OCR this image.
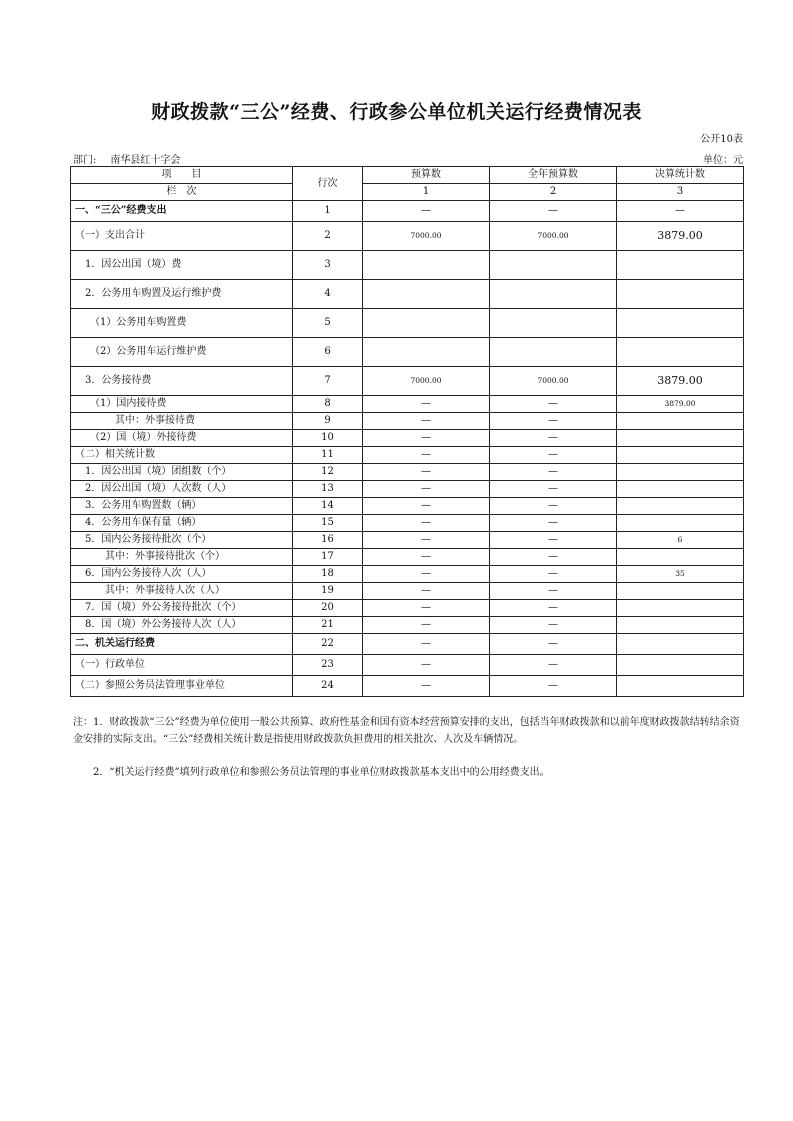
财政拨款“三公”经费、行政参公单位机关运行经费情况表
公开10表
部门: 南华县红十字会	单位：元
项　　目	行次	预算数	全年预算数	决算统计数
栏　次		1	2	3
一、“三公”经费支出	1	—	—	—
（一）支出合计	2	7000.00	7000.00	3879.00
　1．因公出国（境）费	3			
　2．公务用车购置及运行维护费	4			
　　（1）公务用车购置费	5			
　　（2）公务用车运行维护费	6			
　3．公务接待费	7	7000.00	7000.00	3879.00
　　（1）国内接待费	8	—	—	3879.00
　　　　其中：外事接待费	9	—	—	
　　（2）国（境）外接待费	10	—	—	
（二）相关统计数	11	—	—	
　1．因公出国（境）团组数（个）	12	—	—	
　2．因公出国（境）人次数（人）	13	—	—	
　3．公务用车购置数（辆）	14	—	—	
　4．公务用车保有量（辆）	15	—	—	
　5．国内公务接待批次（个）	16	—	—	6
　　　其中：外事接待批次（个）	17	—	—	
　6．国内公务接待人次（人）	18	—	—	35
　　　其中：外事接待人次（人）	19	—	—	
　7．国（境）外公务接待批次（个）	20	—	—	
　8．国（境）外公务接待人次（人）	21	—	—	
二、机关运行经费	22	—	—	
（一）行政单位	23	—	—	
（二）参照公务员法管理事业单位	24	—	—	

注：1．财政拨款“三公”经费为单位使用一般公共预算、政府性基金和国有资本经营预算安排的支出，包括当年财政拨款和以前年度财政拨款结转结余资金安排的实际支出。“三公”经费相关统计数是指使用财政拨款负担费用的相关批次、人次及车辆情况。

2．“机关运行经费”填列行政单位和参照公务员法管理的事业单位财政拨款基本支出中的公用经费支出。
